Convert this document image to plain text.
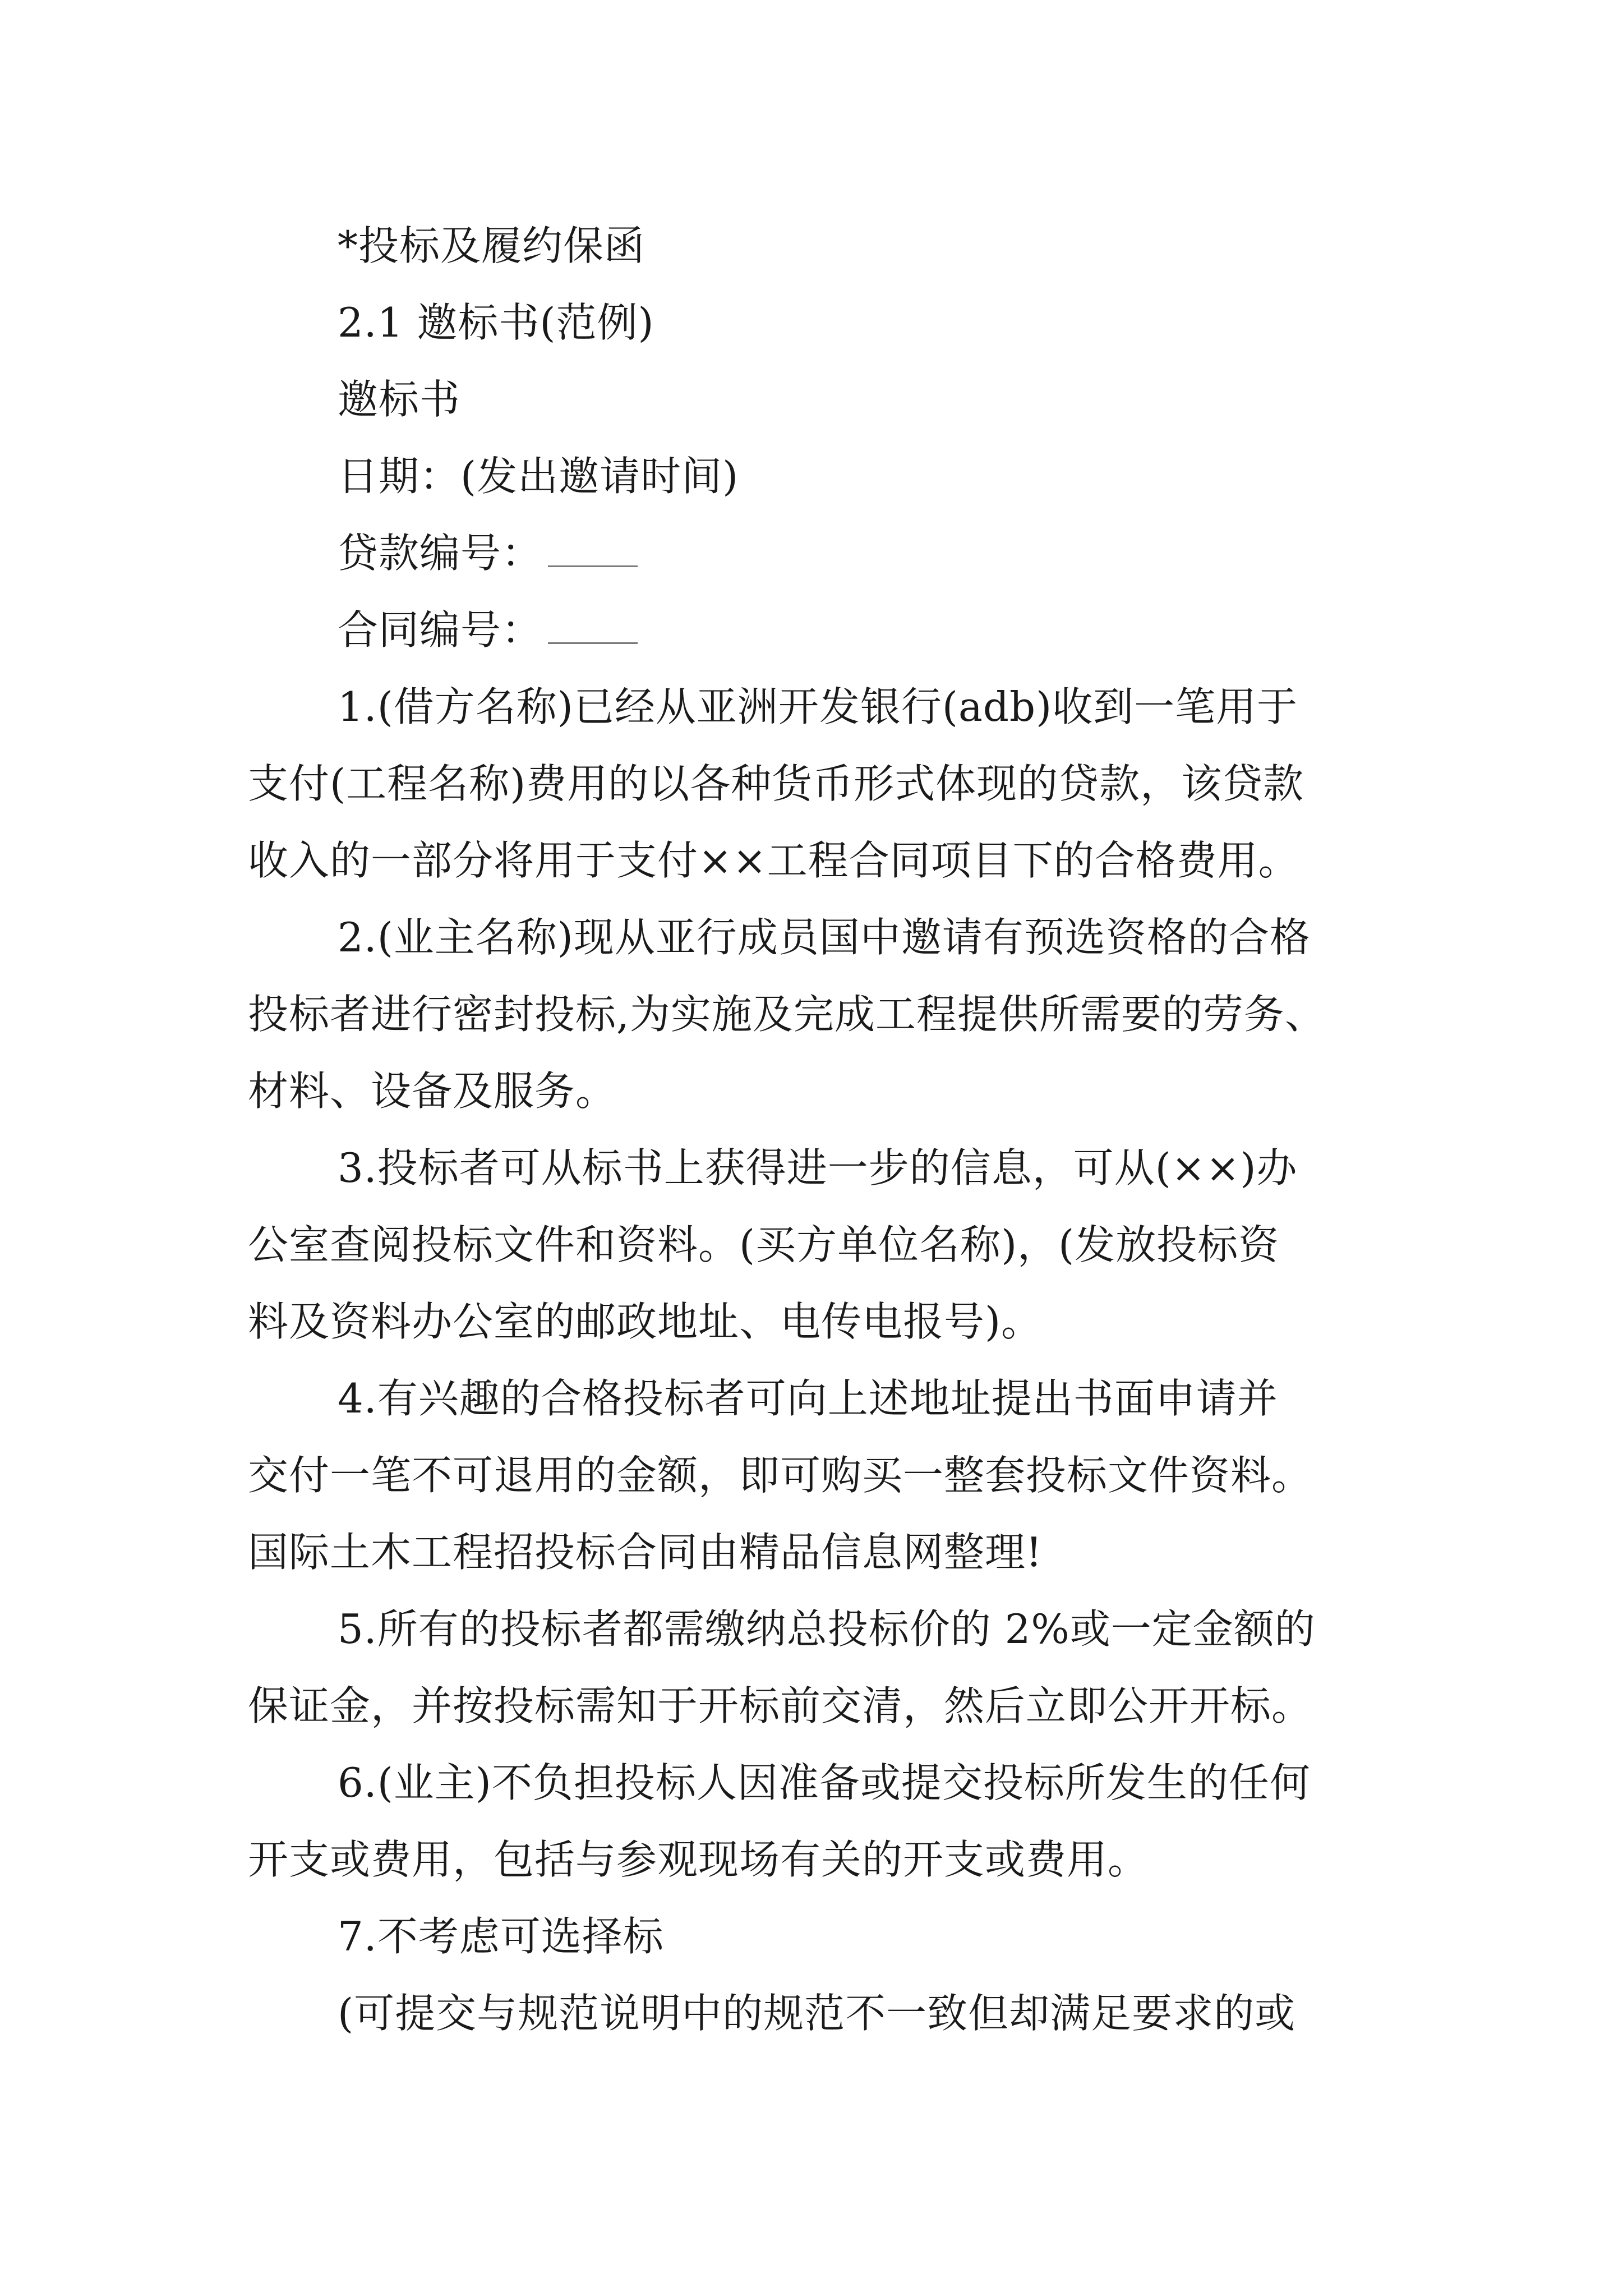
*投标及履约保函
2.1 邀标书(范例)
邀标书
日期：(发出邀请时间)
贷款编号：
合同编号：
1.(借方名称)已经从亚洲开发银行(adb)收到一笔用于
支付(工程名称)费用的以各种货币形式体现的贷款，该贷款
收入的一部分将用于支付××工程合同项目下的合格费用。
2.(业主名称)现从亚行成员国中邀请有预选资格的合格
投标者进行密封投标,为实施及完成工程提供所需要的劳务、
材料、设备及服务。
3.投标者可从标书上获得进一步的信息，可从(××)办
公室查阅投标文件和资料。(买方单位名称)，(发放投标资
料及资料办公室的邮政地址、电传电报号)。
4.有兴趣的合格投标者可向上述地址提出书面申请并
交付一笔不可退用的金额，即可购买一整套投标文件资料。
国际土木工程招投标合同由精品信息网整理!
5.所有的投标者都需缴纳总投标价的 2%或一定金额的
保证金，并按投标需知于开标前交清，然后立即公开开标。
6.(业主)不负担投标人因准备或提交投标所发生的任何
开支或费用，包括与参观现场有关的开支或费用。
7.不考虑可选择标
(可提交与规范说明中的规范不一致但却满足要求的或
